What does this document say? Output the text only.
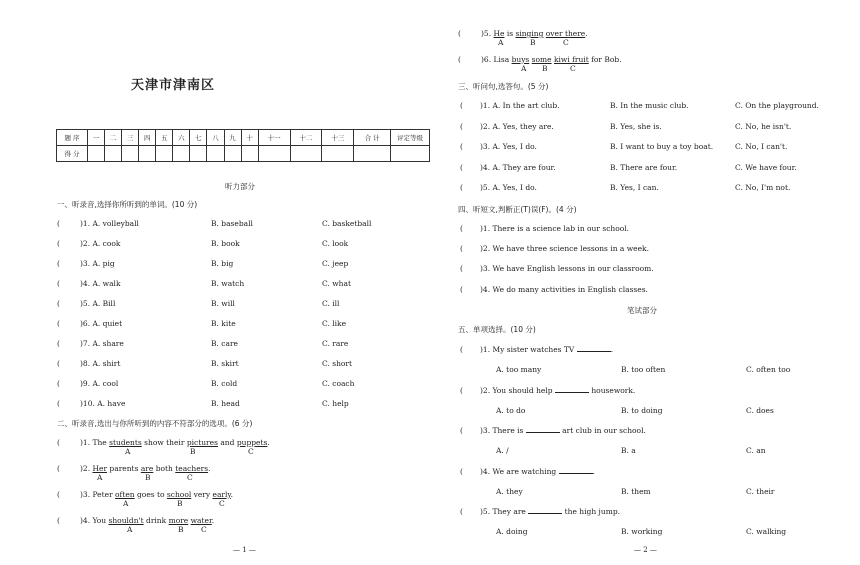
天津市津南区
题 序	一	二	三	四	五	六	七	八	九	十	十一	十二	十三	合 计	评定等级
得 分															
听力部分
一、听录音,选择你所听到的单词。(10 分)
(	)1. A. volleyball	B. baseball	C. basketball
(	)2. A. cook	B. book	C. look
(	)3. A. pig	B. big	C. jeep
(	)4. A. walk	B. watch	C. what
(	)5. A. Bill	B. will	C. ill
(	)6. A. quiet	B. kite	C. like
(	)7. A. share	B. care	C. rare
(	)8. A. shirt	B. skirt	C. short
(	)9. A. cool	B. cold	C. coach
(	)10. A. have	B. head	C. help
二、听录音,选出与你所听到的内容不符部分的选项。(6 分)
(	)1. The students show their pictures and puppets.
A	B	C
(	)2. Her parents are both teachers.
A	B	C
(	)3. Peter often goes to school very early.
A	B	C
(	)4. You shouldn't drink more water.
A	B C
— 1 —
(	)5. He is singing over there.
A	B	C
(	)6. Lisa buys some kiwi fruit for Bob.
A B	C
三、听问句,选答句。(5 分)
( )1. A. In the art club.	B. In the music club.	C. On the playground.
( )2. A. Yes, they are.	B. Yes, she is.	C. No, he isn't.
( )3. A. Yes, I do.	B. I want to buy a toy boat.	C. No, I can't.
( )4. A. They are four.	B. There are four.	C. We have four.
( )5. A. Yes, I do.	B. Yes, I can.	C. No, I'm not.
四、听短文,判断正(T)误(F)。(4 分)
( )1. There is a science lab in our school.
( )2. We have three science lessons in a week.
( )3. We have English lessons in our classroom.
( )4. We do many activities in English classes.
笔试部分
五、单项选择。(10 分)
( )1. My sister watches TV	.
A. too many	B. too often	C. often too
( )2. You should help	housework.
A. to do	B. to doing	C. does
( )3. There is	art club in our school.
A. /	B. a	C. an
( )4. We are watching	.
A. they	B. them	C. their
( )5. They are	the high jump.
A. doing	B. working	C. walking
— 2 —
